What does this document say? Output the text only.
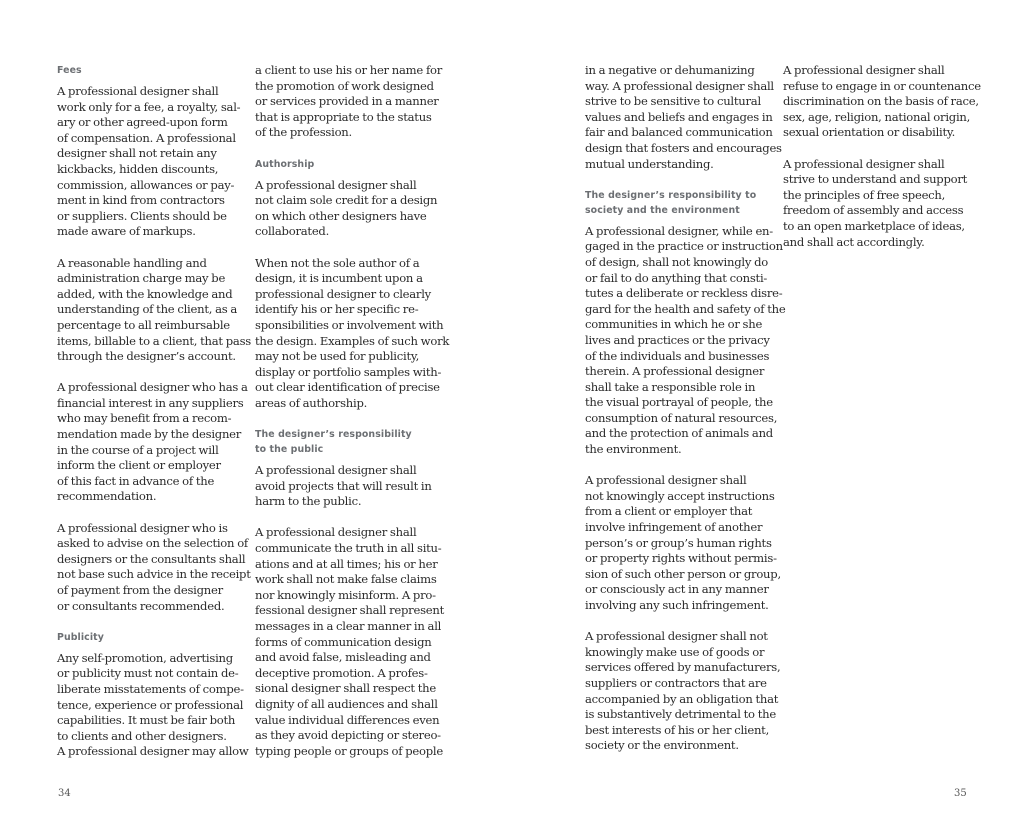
Fees

A professional designer shall
work only for a fee, a royalty, sal-
ary or other agreed-upon form
of compensation. A professional
designer shall not retain any
kickbacks, hidden discounts,
commission, allowances or pay-
ment in kind from contractors
or suppliers. Clients should be
made aware of markups.

A reasonable handling and
administration charge may be
added, with the knowledge and
understanding of the client, as a
percentage to all reimbursable
items, billable to a client, that pass
through the designer’s account.

A professional designer who has a
financial interest in any suppliers
who may benefit from a recom-
mendation made by the designer
in the course of a project will
inform the client or employer
of this fact in advance of the
recommendation.

A professional designer who is
asked to advise on the selection of
designers or the consultants shall
not base such advice in the receipt
of payment from the designer
or consultants recommended.

Publicity

Any self-promotion, advertising
or publicity must not contain de-
liberate misstatements of compe-
tence, experience or professional
capabilities. It must be fair both
to clients and other designers.
A professional designer may allow

a client to use his or her name for
the promotion of work designed
or services provided in a manner
that is appropriate to the status
of the profession.

Authorship

A professional designer shall
not claim sole credit for a design
on which other designers have
collaborated.

When not the sole author of a
design, it is incumbent upon a
professional designer to clearly
identify his or her specific re-
sponsibilities or involvement with
the design. Examples of such work
may not be used for publicity,
display or portfolio samples with-
out clear identification of precise
areas of authorship.

The designer’s responsibility
to the public

A professional designer shall
avoid projects that will result in
harm to the public.

A professional designer shall
communicate the truth in all situ-
ations and at all times; his or her
work shall not make false claims
nor knowingly misinform. A pro-
fessional designer shall represent
messages in a clear manner in all
forms of communication design
and avoid false, misleading and
deceptive promotion. A profes-
sional designer shall respect the
dignity of all audiences and shall
value individual differences even
as they avoid depicting or stereo-
typing people or groups of people

34

in a negative or dehumanizing
way. A professional designer shall
strive to be sensitive to cultural
values and beliefs and engages in
fair and balanced communication
design that fosters and encourages
mutual understanding.

The designer’s responsibility to
society and the environment

A professional designer, while en-
gaged in the practice or instruction
of design, shall not knowingly do
or fail to do anything that consti-
tutes a deliberate or reckless disre-
gard for the health and safety of the
communities in which he or she
lives and practices or the privacy
of the individuals and businesses
therein. A professional designer
shall take a responsible role in
the visual portrayal of people, the
consumption of natural resources,
and the protection of animals and
the environment.

A professional designer shall
not knowingly accept instructions
from a client or employer that
involve infringement of another
person’s or group’s human rights
or property rights without permis-
sion of such other person or group,
or consciously act in any manner
involving any such infringement.

A professional designer shall not
knowingly make use of goods or
services offered by manufacturers,
suppliers or contractors that are
accompanied by an obligation that
is substantively detrimental to the
best interests of his or her client,
society or the environment.

A professional designer shall
refuse to engage in or countenance
discrimination on the basis of race,
sex, age, religion, national origin,
sexual orientation or disability.

A professional designer shall
strive to understand and support
the principles of free speech,
freedom of assembly and access
to an open marketplace of ideas,
and shall act accordingly.

35
